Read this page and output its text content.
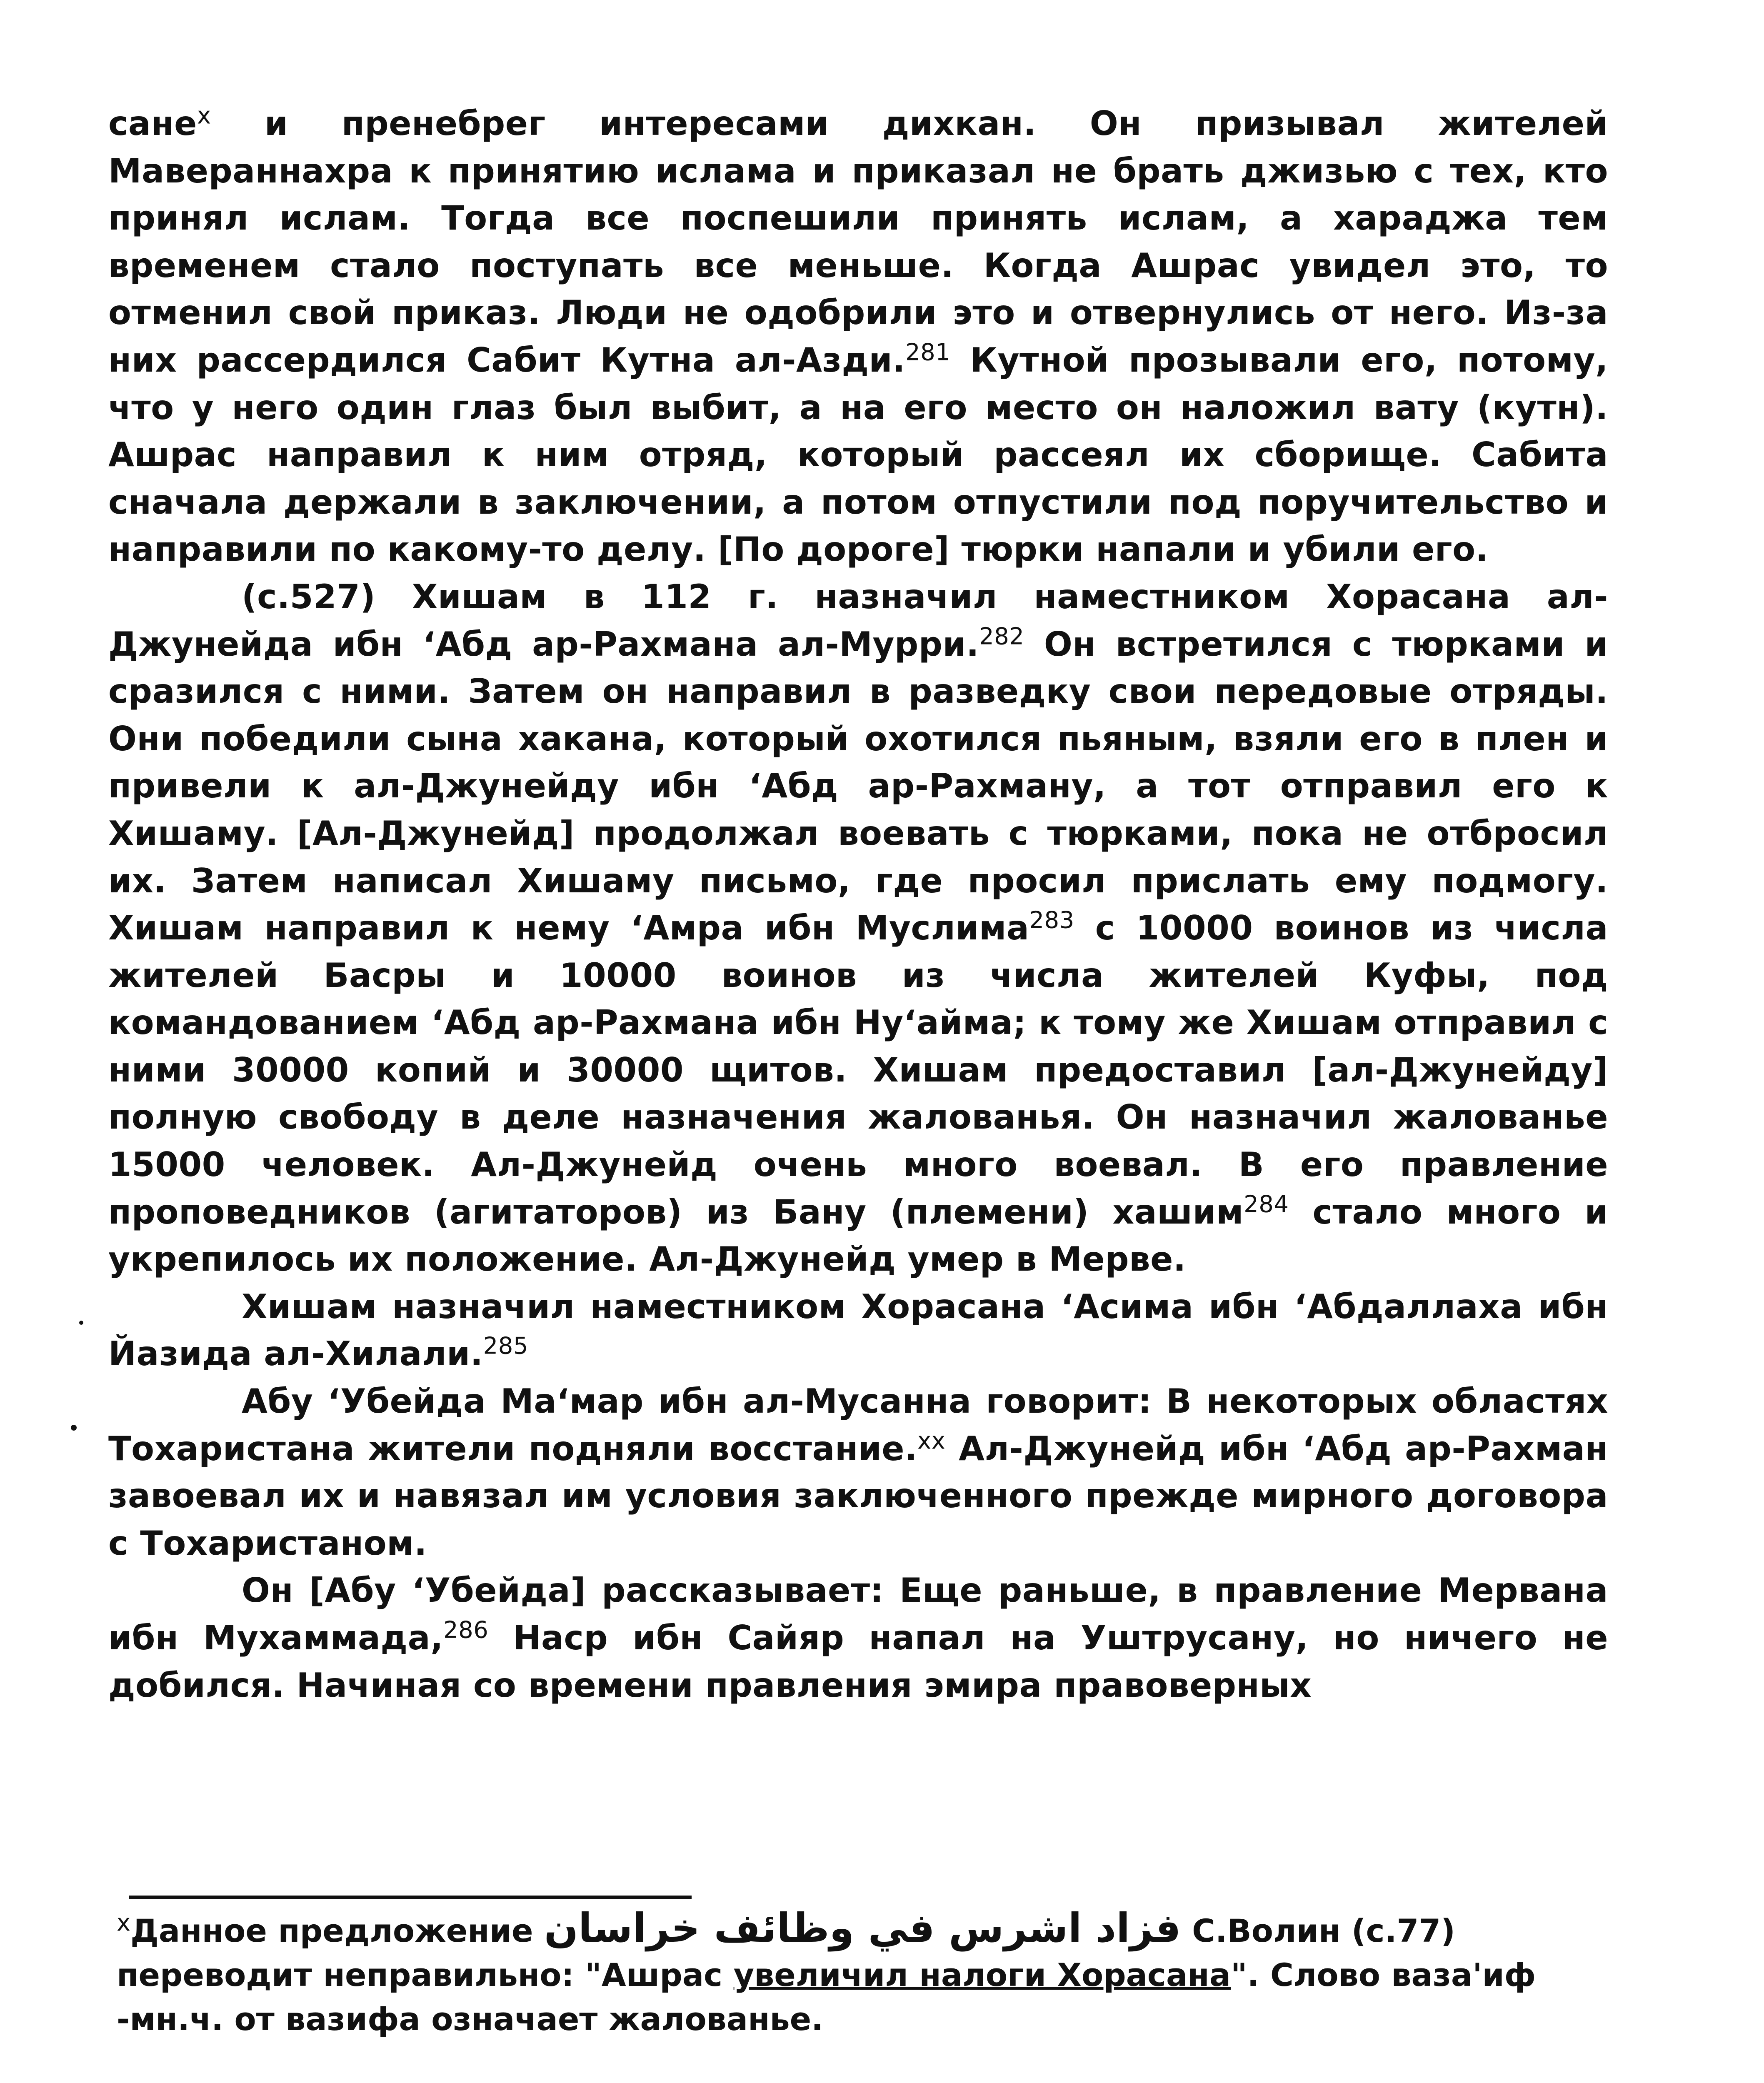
сане$^x$ и пренебрег интересами дихкан. Он призывал жителей Мавераннахра к принятию ислама и приказал не брать джизью с тех, кто принял ислам. Тогда все поспешили принять ислам, а хараджа тем временем стало поступать все меньше. Когда Ашрас увидел это, то отменил свой приказ. Люди не одобрили это и отвернулись от него. Из-за них рассердился Сабит Кутна ал-Азди.$^{281}$ Кутной прозывали его, потому, что у него один глаз был выбит, а на его место он наложил вату (кутн). Ашрас направил к ним отряд, который рассеял их сборище. Сабита сначала держали в заключении, а потом отпустили под поручительство и направили по какому-то делу. [По дороге] тюрки напали и убили его.

(с.527) Хишам в 112 г. назначил наместником Хорасана ал-Джунейда ибн ʻАбд ар-Рахмана ал-Мурри.$^{282}$ Он встретился с тюрками и сразился с ними. Затем он направил в разведку свои передовые отряды. Они победили сына хакана, который охотился пьяным, взяли его в плен и привели к ал-Джунейду ибн ʻАбд ар-Рахману, а тот отправил его к Хишаму. [Ал-Джунейд] продолжал воевать с тюрками, пока не отбросил их. Затем написал Хишаму письмо, где просил прислать ему подмогу. Хишам направил к нему ʻАмра ибн Муслима$^{283}$ с 10000 воинов из числа жителей Басры и 10000 воинов из числа жителей Куфы, под командованием ʻАбд ар-Рахмана ибн Нуʻайма; к тому же Хишам отправил с ними 30000 копий и 30000 щитов. Хишам предоставил [ал-Джунейду] полную свободу в деле назначения жалованья. Он назначил жалованье 15000 человек. Ал-Джунейд очень много воевал. В его правление проповедников (агитаторов) из Бану (племени) хашим$^{284}$ стало много и укрепилось их положение. Ал-Джунейд умер в Мерве.

Хишам назначил наместником Хорасана ʻАсима ибн ʻАбдаллаха ибн Йазида ал-Хилали.$^{285}$

Абу ʻУбейда Маʻмар ибн ал-Мусанна говорит: В некоторых областях Тохаристана жители подняли восстание.$^{xx}$ Ал-Джунейд ибн ʻАбд ар-Рахман завоевал их и навязал им условия заключенного прежде мирного договора с Тохаристаном.

Он [Абу ʻУбейда] рассказывает: Еще раньше, в правление Мервана ибн Мухаммада,$^{286}$ Наср ибн Сайяр напал на Уштрусану, но ничего не добился. Начиная со времени правления эмира правоверных

$^x$Данное предложение فزاد اشرس في وظائف خراسان С.Волин (с.77) переводит неправильно: "Ашрас увеличил налоги Хорасана". Слово ваза'иф -мн.ч. от вазифа означает жалованье.
